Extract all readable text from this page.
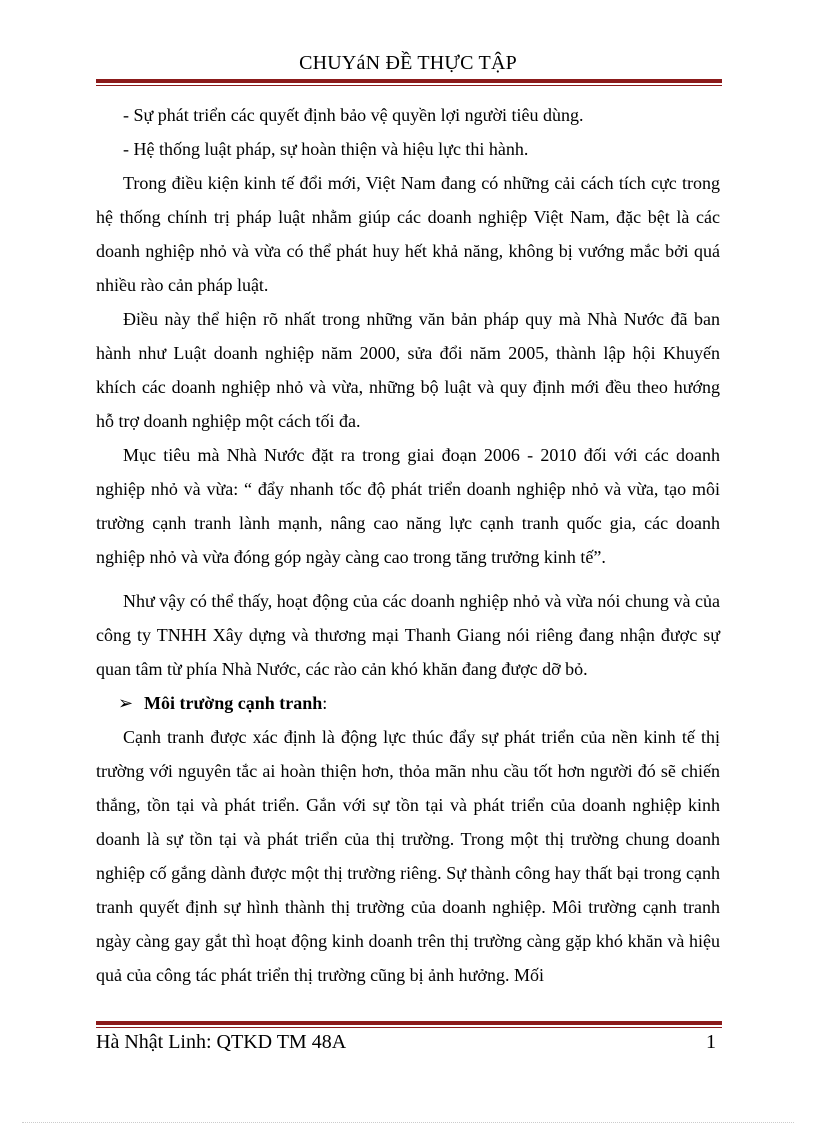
CHUYáN ĐỀ THỰC TẬP

- Sự phát triển các quyết định bảo vệ quyền lợi người tiêu dùng.

- Hệ thống luật pháp, sự hoàn thiện và hiệu lực thi hành.

Trong điều kiện kinh tế đổi mới, Việt Nam đang có những cải cách tích cực trong hệ thống chính trị pháp luật nhằm giúp các doanh nghiệp Việt Nam, đặc bệt là các doanh nghiệp nhỏ và vừa có thể phát huy hết khả năng, không bị vướng mắc bởi quá nhiều rào cản pháp luật.

Điều này thể hiện rõ nhất trong những văn bản pháp quy mà Nhà Nước đã ban hành như Luật doanh nghiệp năm 2000, sửa đổi năm 2005, thành lập hội Khuyến khích các doanh nghiệp nhỏ và vừa, những bộ luật và quy định mới đều theo hướng hỗ trợ doanh nghiệp một cách tối đa.

Mục tiêu mà Nhà Nước đặt ra trong giai đoạn 2006 - 2010 đối với các doanh nghiệp nhỏ và vừa: “ đẩy nhanh tốc độ phát triển doanh nghiệp nhỏ và vừa, tạo môi trường cạnh tranh lành mạnh, nâng cao năng lực cạnh tranh quốc gia, các doanh nghiệp nhỏ và vừa đóng góp ngày càng cao trong tăng trưởng kinh tế”.

Như vậy có thể thấy, hoạt động của các doanh nghiệp nhỏ và vừa nói chung và của công ty TNHH Xây dựng và thương mại Thanh Giang nói riêng đang nhận được sự quan tâm từ phía Nhà Nước, các rào cản khó khăn đang được dỡ bỏ.

➢ Môi trường cạnh tranh:

Cạnh tranh được xác định là động lực thúc đẩy sự phát triển của nền kinh tế thị trường với nguyên tắc ai hoàn thiện hơn, thỏa mãn nhu cầu tốt hơn người đó sẽ chiến thắng, tồn tại và phát triển. Gắn với sự tồn tại và phát triển của doanh nghiệp kinh doanh là sự tồn tại và phát triển của thị trường. Trong một thị trường chung doanh nghiệp cố gắng dành được một thị trường riêng. Sự thành công hay thất bại trong cạnh tranh quyết định sự hình thành thị trường của doanh nghiệp. Môi trường cạnh tranh ngày càng gay gắt thì hoạt động kinh doanh trên thị trường càng gặp khó khăn và hiệu quả của công tác phát triển thị trường cũng bị ảnh hưởng. Mối

Hà Nhật Linh: QTKD TM 48A	1
